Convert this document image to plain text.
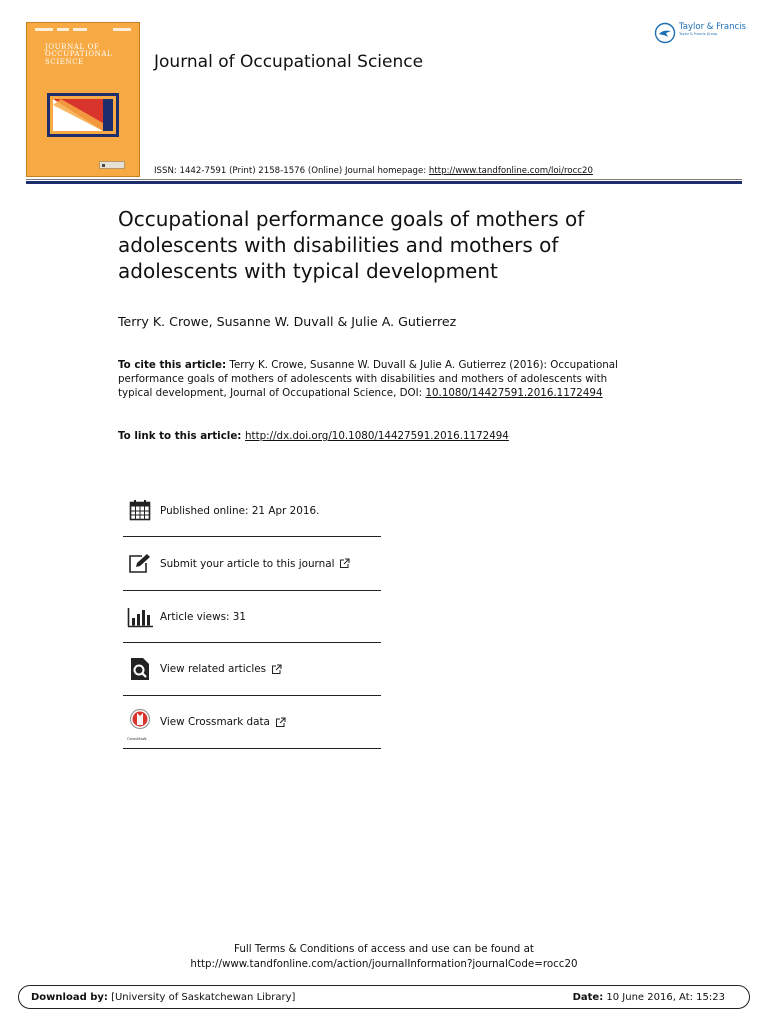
JOURNAL OF
OCCUPATIONAL
SCIENCE	Journal of Occupational Science
Taylor & Francis
Taylor & Francis Group
ISSN: 1442-7591 (Print) 2158-1576 (Online) Journal homepage: http://www.tandfonline.com/loi/rocc20
Occupational performance goals of mothers of adolescents with disabilities and mothers of adolescents with typical development
Terry K. Crowe, Susanne W. Duvall & Julie A. Gutierrez
To cite this article: Terry K. Crowe, Susanne W. Duvall & Julie A. Gutierrez (2016): Occupational performance goals of mothers of adolescents with disabilities and mothers of adolescents with typical development, Journal of Occupational Science, DOI: 10.1080/14427591.2016.1172494
To link to this article: http://dx.doi.org/10.1080/14427591.2016.1172494
Published online: 21 Apr 2016.
Submit your article to this journal
Article views: 31
View related articles
View Crossmark data
CrossMark
Full Terms & Conditions of access and use can be found at
http://www.tandfonline.com/action/journalInformation?journalCode=rocc20
Download by: [University of Saskatchewan Library]	Date: 10 June 2016, At: 15:23
